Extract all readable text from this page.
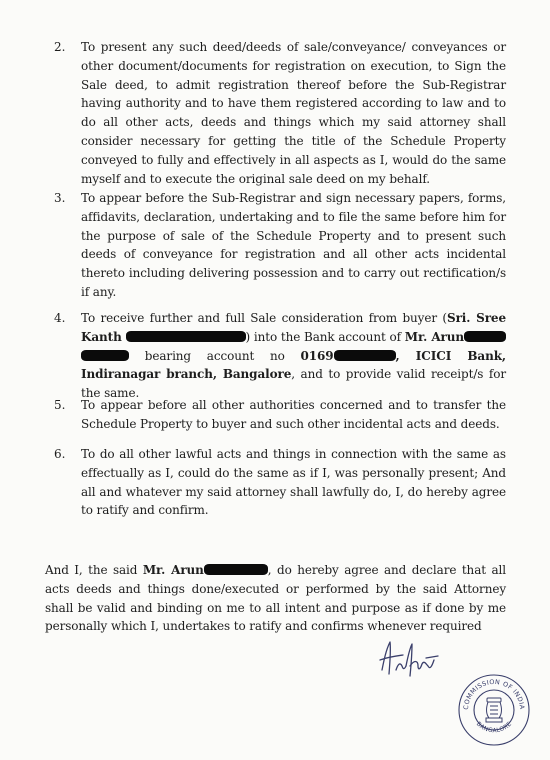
2.	To present any such deed/deeds of sale/conveyance/ conveyances or other document/documents for registration on execution, to Sign the Sale deed, to admit registration thereof before the Sub-Registrar having authority and to have them registered according to law and to do all other acts, deeds and things which my said attorney shall consider necessary for getting the title of the Schedule Property conveyed to fully and effectively in all aspects as I, would do the same myself and to execute the original sale deed on my behalf.
3.	To appear before the Sub-Registrar and sign necessary papers, forms, affidavits, declaration, undertaking and to file the same before him for the purpose of sale of the Schedule Property and to present such deeds of conveyance for registration and all other acts incidental thereto including delivering possession and to carry out rectification/s if any.
4.	To receive further and full Sale consideration from buyer (Sri. Sree Kanth	) into the Bank account of Mr. Arun  bearing account no 0169	, ICICI Bank, Indiranagar branch, Bangalore, and to provide valid receipt/s for the same.
5.	To appear before all other authorities concerned and to transfer the Schedule Property to buyer and such other incidental acts and deeds.
6.	To do all other lawful acts and things in connection with the same as effectually as I, could do the same as if I, was personally present; And all and whatever my said attorney shall lawfully do, I, do hereby agree to ratify and confirm.
And I, the said Mr. Arun	, do hereby agree and declare that all acts deeds and things done/executed or performed by the said Attorney shall be valid and binding on me to all intent and purpose as if done by me personally which I, undertakes to ratify and confirms whenever required
COMMISSION OF INDIA
BANGALORE
